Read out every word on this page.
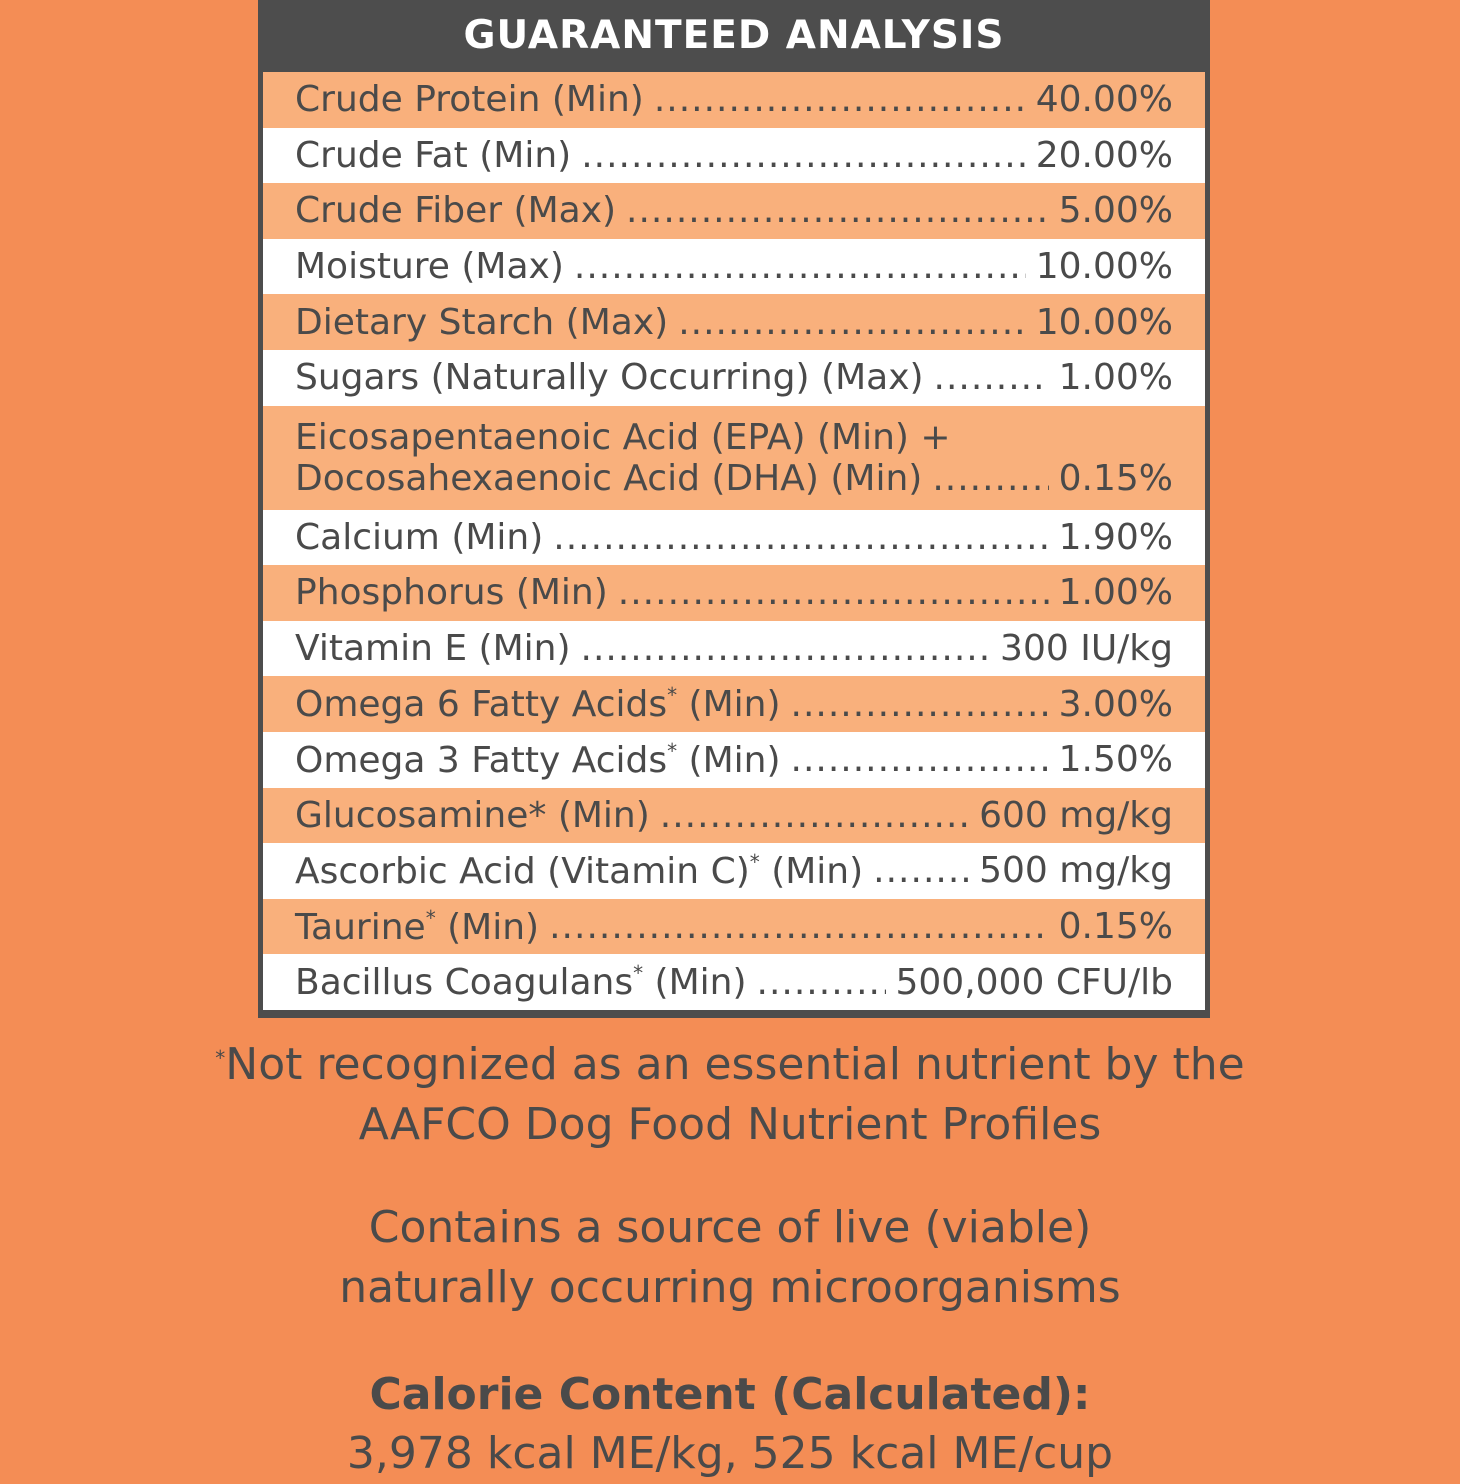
GUARANTEED ANALYSIS
Crude Protein (Min) .....	40.00%
Crude Fat (Min) .....	20.00%
Crude Fiber (Max) .....	5.00%
Moisture (Max) .....	10.00%
Dietary Starch (Max) .....	10.00%
Sugars (Naturally Occurring) (Max) .....	1.00%
Eicosapentaenoic Acid (EPA) (Min) +
Docosahexaenoic Acid (DHA) (Min) .....	0.15%
Calcium (Min) .....	1.90%
Phosphorus (Min) .....	1.00%
Vitamin E (Min) .....	300 IU/kg
Omega 6 Fatty Acids* (Min) .....	3.00%
Omega 3 Fatty Acids* (Min) .....	1.50%
Glucosamine* (Min) .....	600 mg/kg
Ascorbic Acid (Vitamin C)* (Min) .....	500 mg/kg
Taurine* (Min) .....	0.15%
Bacillus Coagulans* (Min) .....	500,000 CFU/lb
*Not recognized as an essential nutrient by the
AAFCO Dog Food Nutrient Profiles
Contains a source of live (viable)
naturally occurring microorganisms
Calorie Content (Calculated):
3,978 kcal ME/kg, 525 kcal ME/cup
